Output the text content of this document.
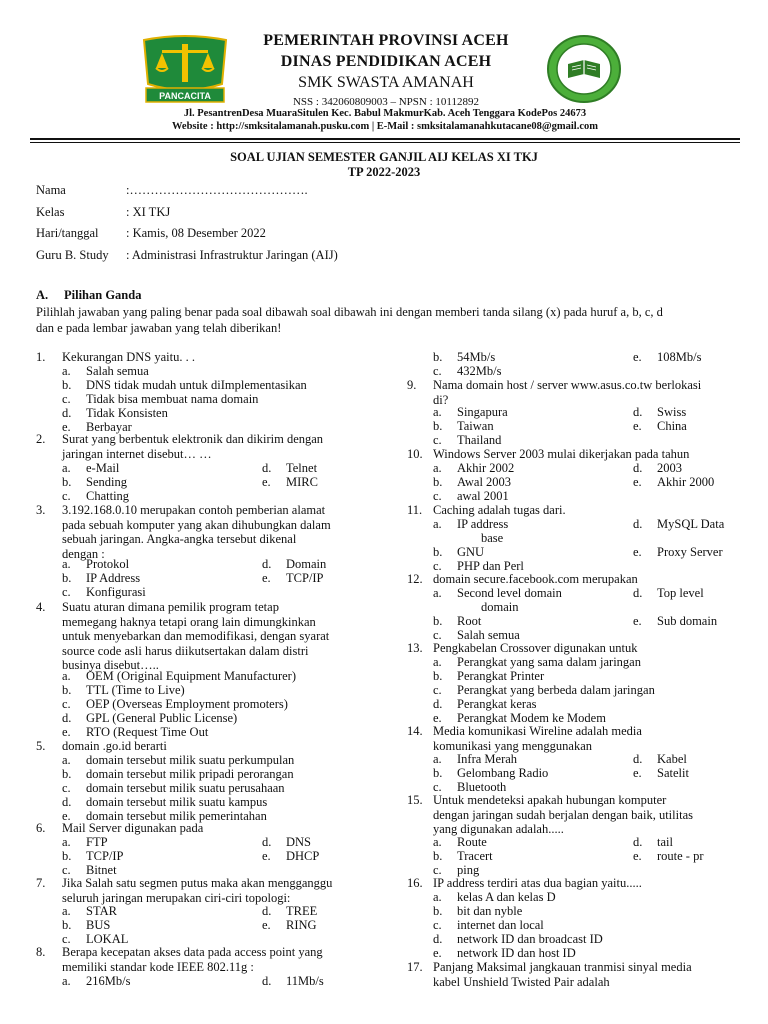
PANCACITA
PEMERINTAH PROVINSI ACEH
DINAS PENDIDIKAN ACEH
SMK SWASTA AMANAH
NSS : 342060809003 – NPSN : 10112892
Jl. PesantrenDesa MuaraSitulen Kec. Babul MakmurKab. Aceh Tenggara KodePos 24673
Website : http://smksitalamanah.pusku.com | E-Mail : smksitalamanahkutacane08@gmail.com
SOAL UJIAN SEMESTER GANJIL AIJ KELAS XI TKJ
TP 2022-2023
Nama	:…………………………………….
Kelas	: XI TKJ
Hari/tanggal	: Kamis, 08 Desember 2022
Guru B. Study	: Administrasi Infrastruktur Jaringan (AIJ)
A. Pilihan Ganda
Pilihlah jawaban yang paling benar pada soal dibawah soal dibawah ini dengan memberi tanda silang (x) pada huruf a, b, c, d
dan e pada lembar jawaban yang telah diberikan!
1. Kekurangan DNS yaitu. . .
2. Surat yang berbentuk elektronik dan dikirim dengan
jaringan internet disebut… …
3. 3.192.168.0.10 merupakan contoh pemberian alamat
pada sebuah komputer yang akan dihubungkan dalam
sebuah jaringan. Angka-angka tersebut dikenal
dengan :
4. Suatu aturan dimana pemilik program tetap
memegang haknya tetapi orang lain dimungkinkan
untuk menyebarkan dan memodifikasi, dengan syarat
source code asli harus diikutsertakan dalam distri
businya disebut…..
5. domain .go.id berarti
6. Mail Server digunakan pada
7. Jika Salah satu segmen putus maka akan mengganggu
seluruh jaringan merupakan ciri-ciri topologi:
8. Berapa kecepatan akses data pada access point yang
memiliki standar kode IEEE 802.11g :
a. Salah semua
b. DNS tidak mudah untuk diImplementasikan
c. Tidak bisa membuat nama domain
d. Tidak Konsisten
e. Berbayar
a. e-Mail	d. Telnet
b. Sending	e. MIRC
c. Chatting
a. Protokol	d. Domain
b. IP Address	e. TCP/IP
c. Konfigurasi
a. OEM (Original Equipment Manufacturer)
b. TTL (Time to Live)
c. OEP (Overseas Employment promoters)
d. GPL (General Public License)
e. RTO (Request Time Out
a. domain tersebut milik suatu perkumpulan
b. domain tersebut milik pripadi perorangan
c. domain tersebut milik suatu perusahaan
d. domain tersebut milik suatu kampus
e. domain tersebut milik pemerintahan
a. FTP	d. DNS
b. TCP/IP	e. DHCP
c. Bitnet
a. STAR	d. TREE
b. BUS	e. RING
c. LOKAL
a. 216Mb/s	d. 11Mb/s
9. Nama domain host / server www.asus.co.tw berlokasi
di?
10. Windows Server 2003 mulai dikerjakan pada tahun
11. Caching adalah tugas dari.
12. domain secure.facebook.com merupakan
13. Pengkabelan Crossover digunakan untuk
14. Media komunikasi Wireline adalah media
komunikasi yang menggunakan
15. Untuk mendeteksi apakah hubungan komputer
dengan jaringan sudah berjalan dengan baik, utilitas
yang digunakan adalah.....
16. IP address terdiri atas dua bagian yaitu.....
17. Panjang Maksimal jangkauan tranmisi sinyal media
kabel Unshield Twisted Pair adalah
b. 54Mb/s	e. 108Mb/s
c. 432Mb/s
a. Singapura	d. Swiss
b. Taiwan	e. China
c. Thailand
a. Akhir 2002	d. 2003
b. Awal 2003	e. Akhir 2000
c. awal 2001
a. IP address	d. MySQL Data
base
b. GNU	e. Proxy Server
c. PHP dan Perl
a. Second level domain	d. Top level
domain
b. Root	e. Sub domain
c. Salah semua
a. Perangkat yang sama dalam jaringan
b. Perangkat Printer
c. Perangkat yang berbeda dalam jaringan
d. Perangkat keras
e. Perangkat Modem ke Modem
a. Infra Merah	d. Kabel
b. Gelombang Radio	e. Satelit
c. Bluetooth
a. Route	d. tail
b. Tracert	e. route - pr
c. ping
a. kelas A dan kelas D
b. bit dan nyble
c. internet dan local
d. network ID dan broadcast ID
e. network ID dan host ID
